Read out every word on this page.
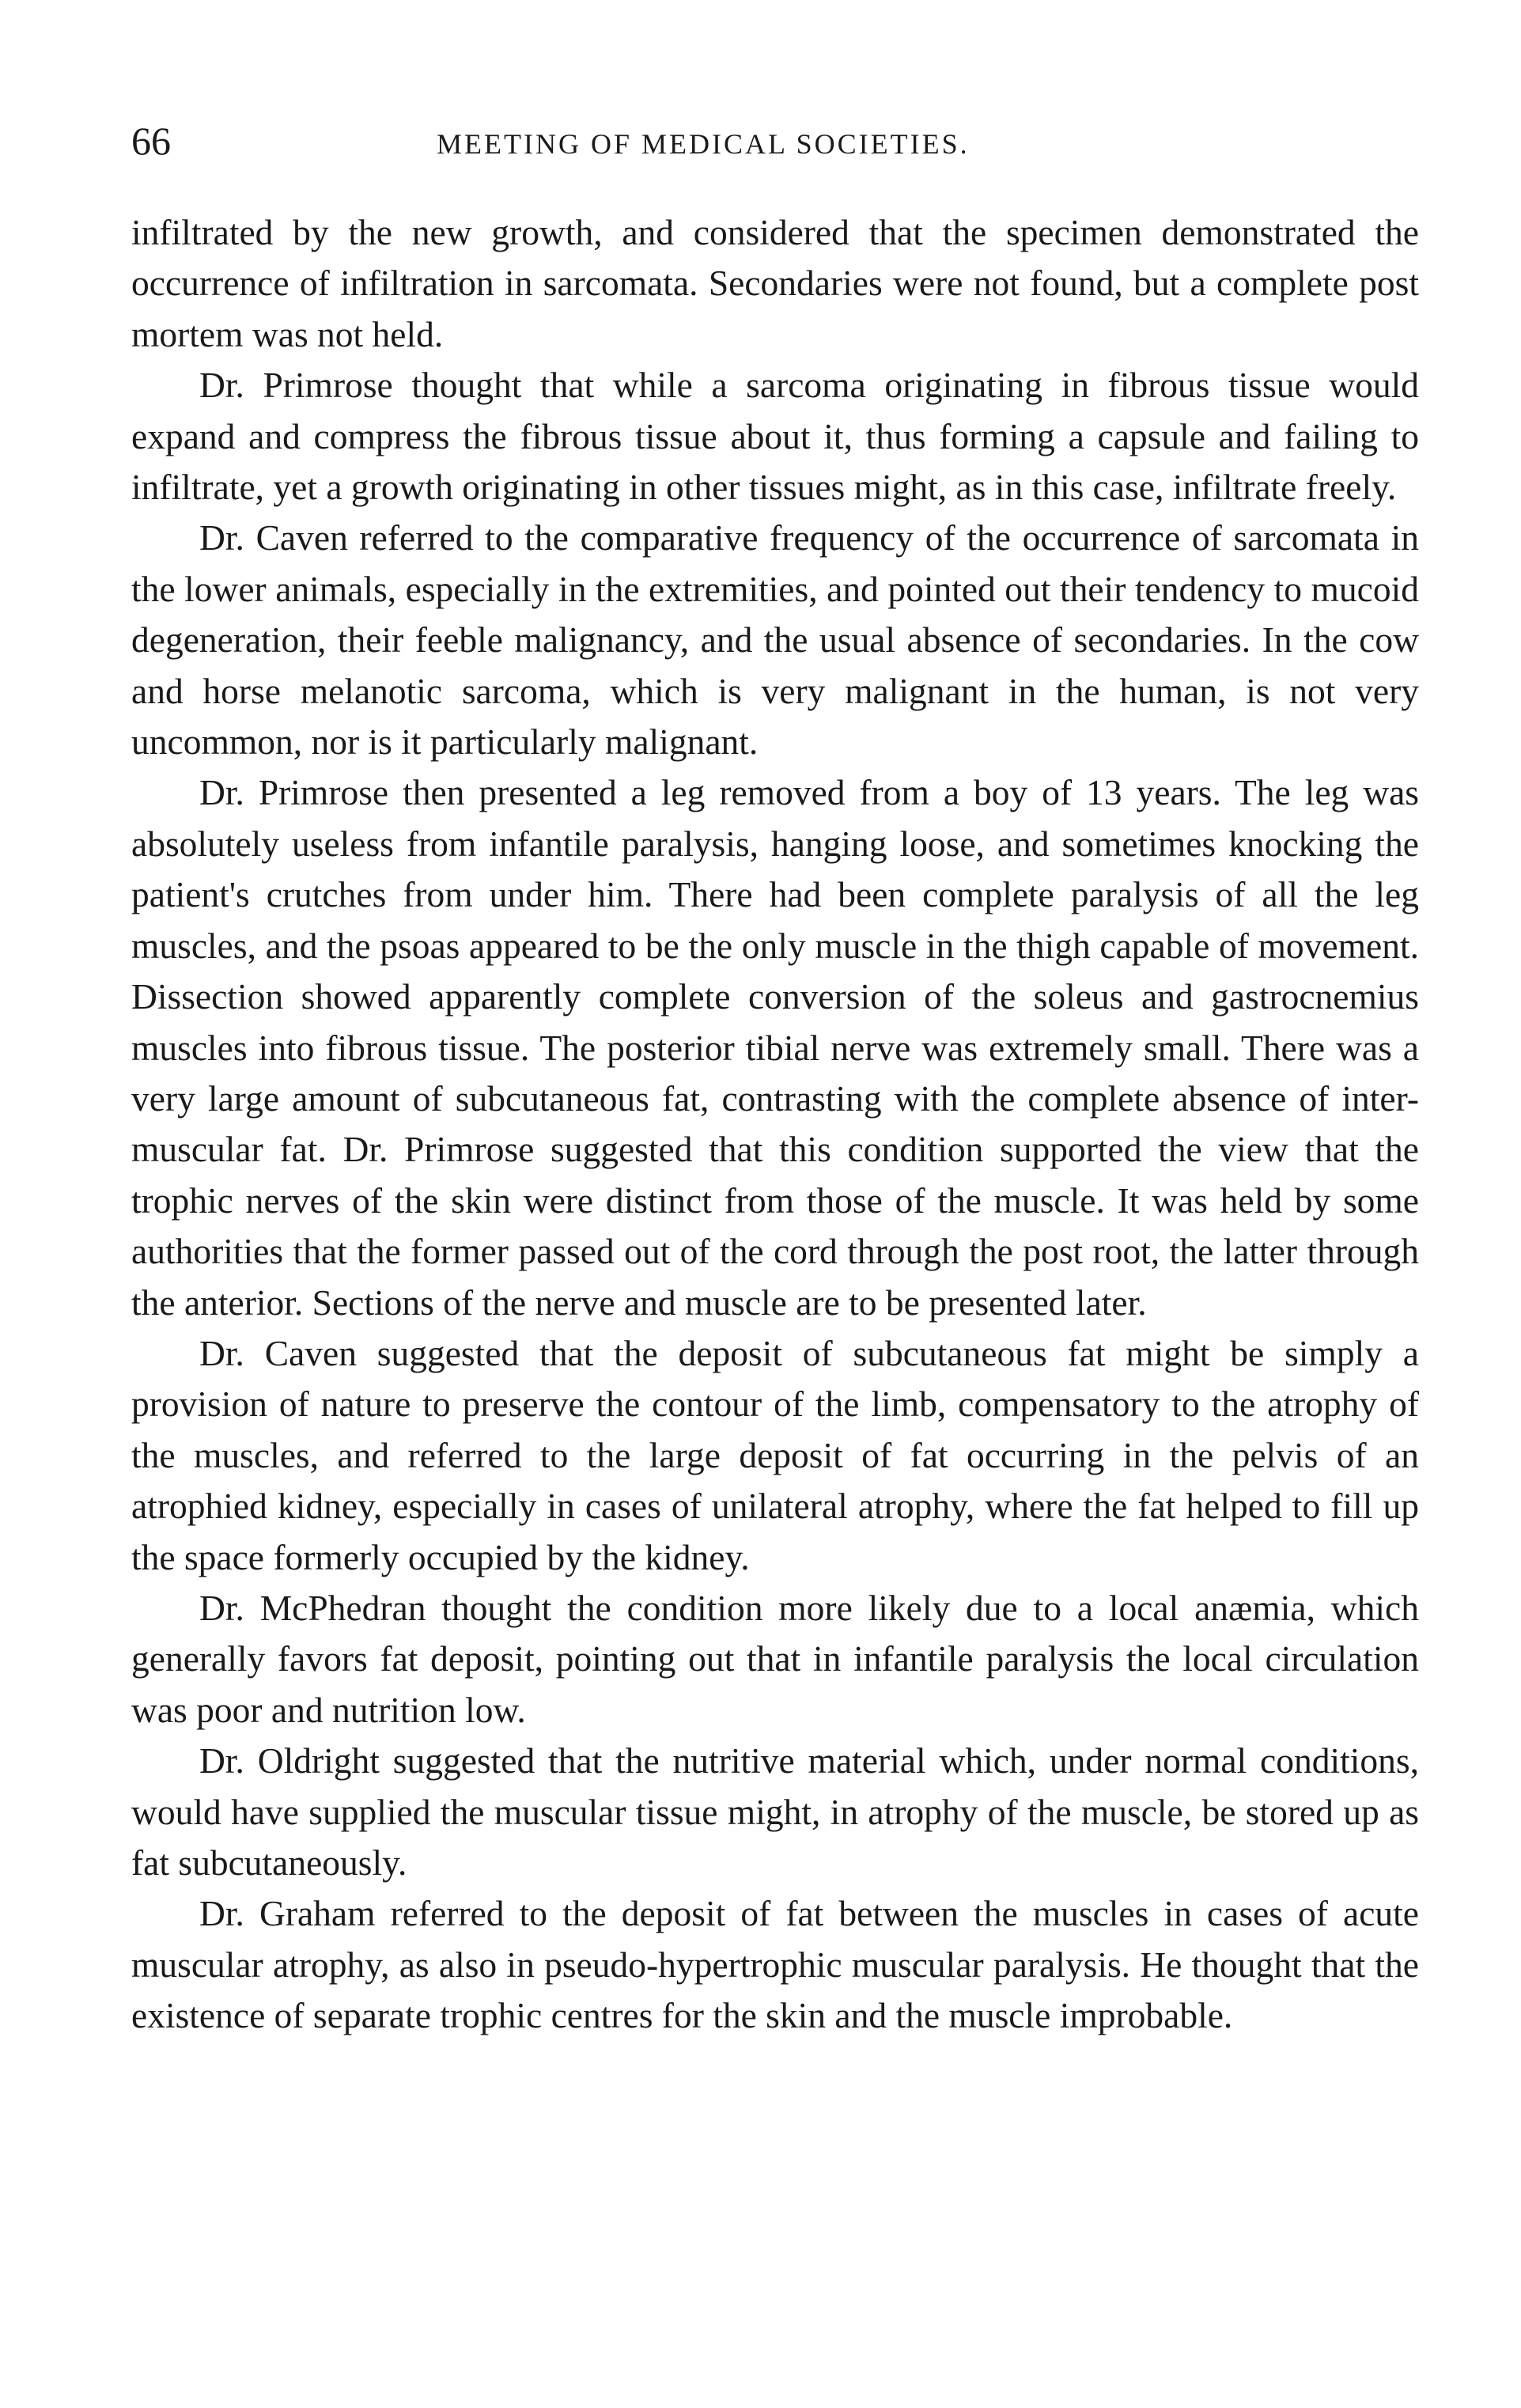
66	MEETING OF MEDICAL SOCIETIES.

infiltrated by the new growth, and considered that the specimen demonstrated the occurrence of infiltration in sarcomata. Secondaries were not found, but a complete post mortem was not held.

Dr. Primrose thought that while a sarcoma originating in fibrous tissue would expand and compress the fibrous tissue about it, thus forming a capsule and failing to infiltrate, yet a growth originating in other tissues might, as in this case, infiltrate freely.

Dr. Caven referred to the comparative frequency of the occurrence of sarcomata in the lower animals, especially in the extremities, and pointed out their tendency to mucoid degeneration, their feeble malignancy, and the usual absence of secondaries. In the cow and horse melanotic sarcoma, which is very malignant in the human, is not very uncommon, nor is it particularly malignant.

Dr. Primrose then presented a leg removed from a boy of 13 years. The leg was absolutely useless from infantile paralysis, hanging loose, and sometimes knocking the patient's crutches from under him. There had been complete paralysis of all the leg muscles, and the psoas appeared to be the only muscle in the thigh capable of movement. Dissection showed apparently complete conversion of the soleus and gastrocnemius muscles into fibrous tissue. The posterior tibial nerve was extremely small. There was a very large amount of subcutaneous fat, contrasting with the complete absence of inter-muscular fat. Dr. Primrose suggested that this condition supported the view that the trophic nerves of the skin were distinct from those of the muscle. It was held by some authorities that the former passed out of the cord through the post root, the latter through the anterior. Sections of the nerve and muscle are to be presented later.

Dr. Caven suggested that the deposit of subcutaneous fat might be simply a provision of nature to preserve the contour of the limb, compensatory to the atrophy of the muscles, and referred to the large deposit of fat occurring in the pelvis of an atrophied kidney, especially in cases of unilateral atrophy, where the fat helped to fill up the space formerly occupied by the kidney.

Dr. McPhedran thought the condition more likely due to a local anæmia, which generally favors fat deposit, pointing out that in infantile paralysis the local circulation was poor and nutrition low.

Dr. Oldright suggested that the nutritive material which, under normal conditions, would have supplied the muscular tissue might, in atrophy of the muscle, be stored up as fat subcutaneously.

Dr. Graham referred to the deposit of fat between the muscles in cases of acute muscular atrophy, as also in pseudo-hypertrophic muscular paralysis. He thought that the existence of separate trophic centres for the skin and the muscle improbable.
